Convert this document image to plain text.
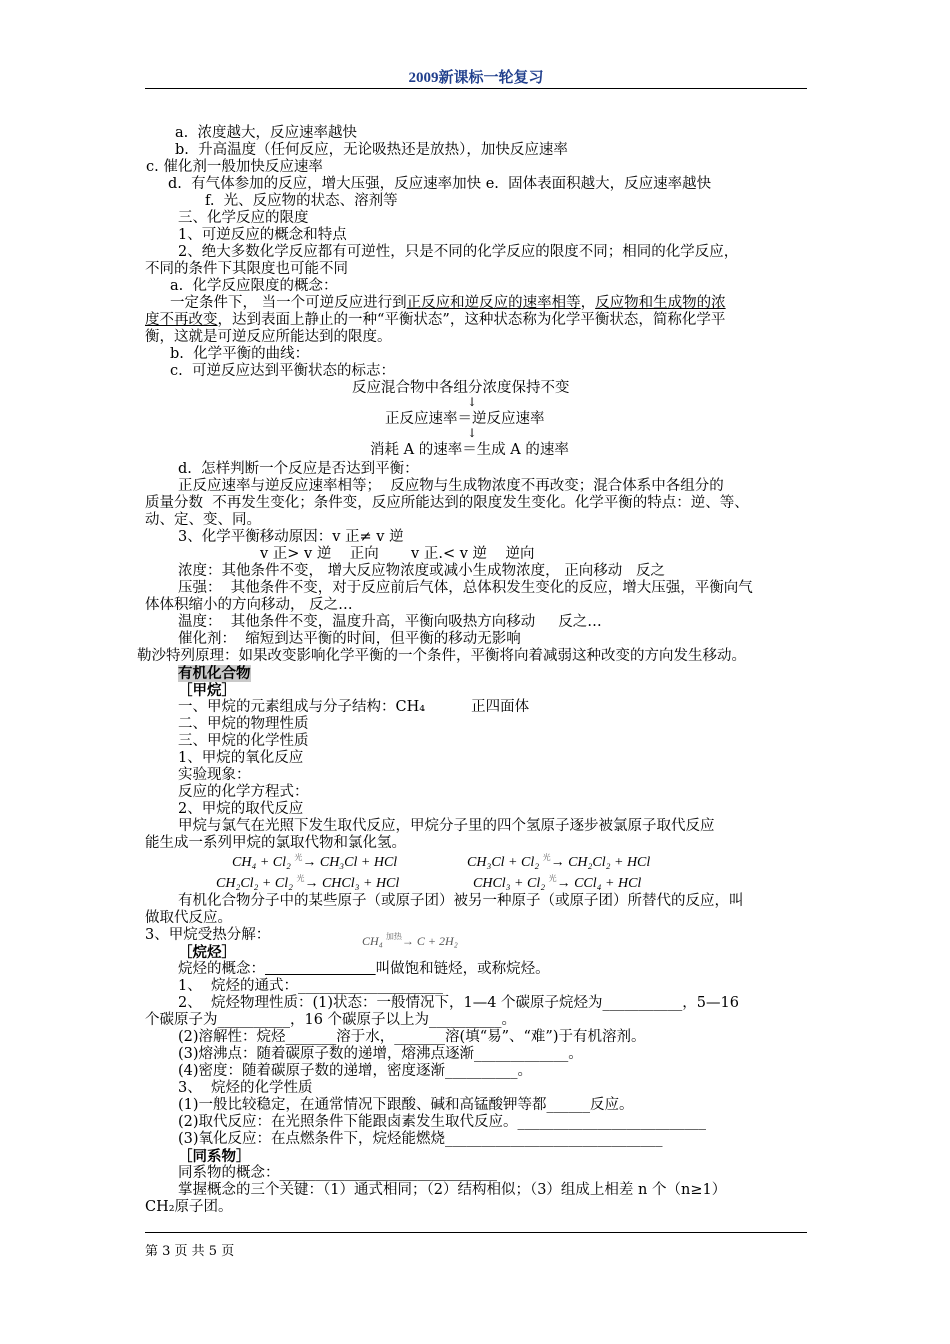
2009新课标一轮复习
a.  浓度越大，反应速率越快
b.  升高温度（任何反应，无论吸热还是放热），加快反应速率
c. 催化剂一般加快反应速率
d.  有气体参加的反应，增大压强，反应速率加快 e.  固体表面积越大，反应速率越快
f.  光、反应物的状态、溶剂等
三、化学反应的限度
1、可逆反应的概念和特点
2、绝大多数化学反应都有可逆性，只是不同的化学反应的限度不同；相同的化学反应，
不同的条件下其限度也可能不同
a.  化学反应限度的概念：
一定条件下， 当一个可逆反应进行到正反应和逆反应的速率相等，反应物和生成物的浓
度不再改变，达到表面上静止的一种“平衡状态”，这种状态称为化学平衡状态，简称化学平
衡，这就是可逆反应所能达到的限度。
b.  化学平衡的曲线：
c.  可逆反应达到平衡状态的标志：
反应混合物中各组分浓度保持不变
↓
正反应速率＝逆反应速率
↓
消耗 A 的速率＝生成 A 的速率
d.  怎样判断一个反应是否达到平衡：
正反应速率与逆反应速率相等；  反应物与生成物浓度不再改变；混合体系中各组分的
质量分数  不再发生变化；条件变，反应所能达到的限度发生变化。化学平衡的特点：逆、等、
动、定、变、同。
3、化学平衡移动原因：v 正≠ v 逆
v 正> v 逆    正向       v 正.< v 逆    逆向
浓度：其他条件不变， 增大反应物浓度或减小生成物浓度， 正向移动   反之
压强：  其他条件不变，对于反应前后气体，总体积发生变化的反应，增大压强，平衡向气
体体积缩小的方向移动， 反之…
温度：  其他条件不变，温度升高，平衡向吸热方向移动     反之…
催化剂：  缩短到达平衡的时间，但平衡的移动无影响
勒沙特列原理：如果改变影响化学平衡的一个条件，平衡将向着减弱这种改变的方向发生移动。
有机化合物
［甲烷］
一、甲烷的元素组成与分子结构：CH₄          正四面体
二、甲烷的物理性质
三、甲烷的化学性质
1、甲烷的氧化反应
实验现象：
反应的化学方程式：
2、甲烷的取代反应
甲烷与氯气在光照下发生取代反应，甲烷分子里的四个氢原子逐步被氯原子取代反应
能生成一系列甲烷的氯取代物和氯化氢。
CH₄ + Cl₂ $^光$→ CH₃Cl + HCl	CH₃Cl + Cl₂ $^光$→ CH₂Cl₂ + HCl
CH₂Cl₂ + Cl₂ $^光$→ CHCl₃ + HCl	CHCl₃ + Cl₂ $^光$→ CCl₄ + HCl
有机化合物分子中的某些原子（或原子团）被另一种原子（或原子团）所替代的反应，叫
做取代反应。
3、甲烷受热分解：	CH₄ $^{加热}$→ C + 2H₂
［烷烃］
烷烃的概念：	叫做饱和链烃，或称烷烃。
1、  烷烃的通式：____________________
2、  烷烃物理性质：(1)状态：一般情况下，1—4 个碳原子烷烃为___________，5—16
个碳原子为__________，16 个碳原子以上为__________。
(2)溶解性：烷烃_______溶于水，_______溶(填“易”、“难”)于有机溶剂。
(3)熔沸点：随着碳原子数的递增，熔沸点逐渐_____________。
(4)密度：随着碳原子数的递增，密度逐渐__________。
3、  烷烃的化学性质
(1)一般比较稳定，在通常情况下跟酸、碱和高锰酸钾等都______反应。
(2)取代反应：在光照条件下能跟卤素发生取代反应。__________________________
(3)氧化反应：在点燃条件下，烷烃能燃烧______________________________
［同系物］
同系物的概念：______________________________
掌握概念的三个关键：（1）通式相同；（2）结构相似；（3）组成上相差 n 个（n≥1）
CH₂原子团。
第 3 页 共 5 页
